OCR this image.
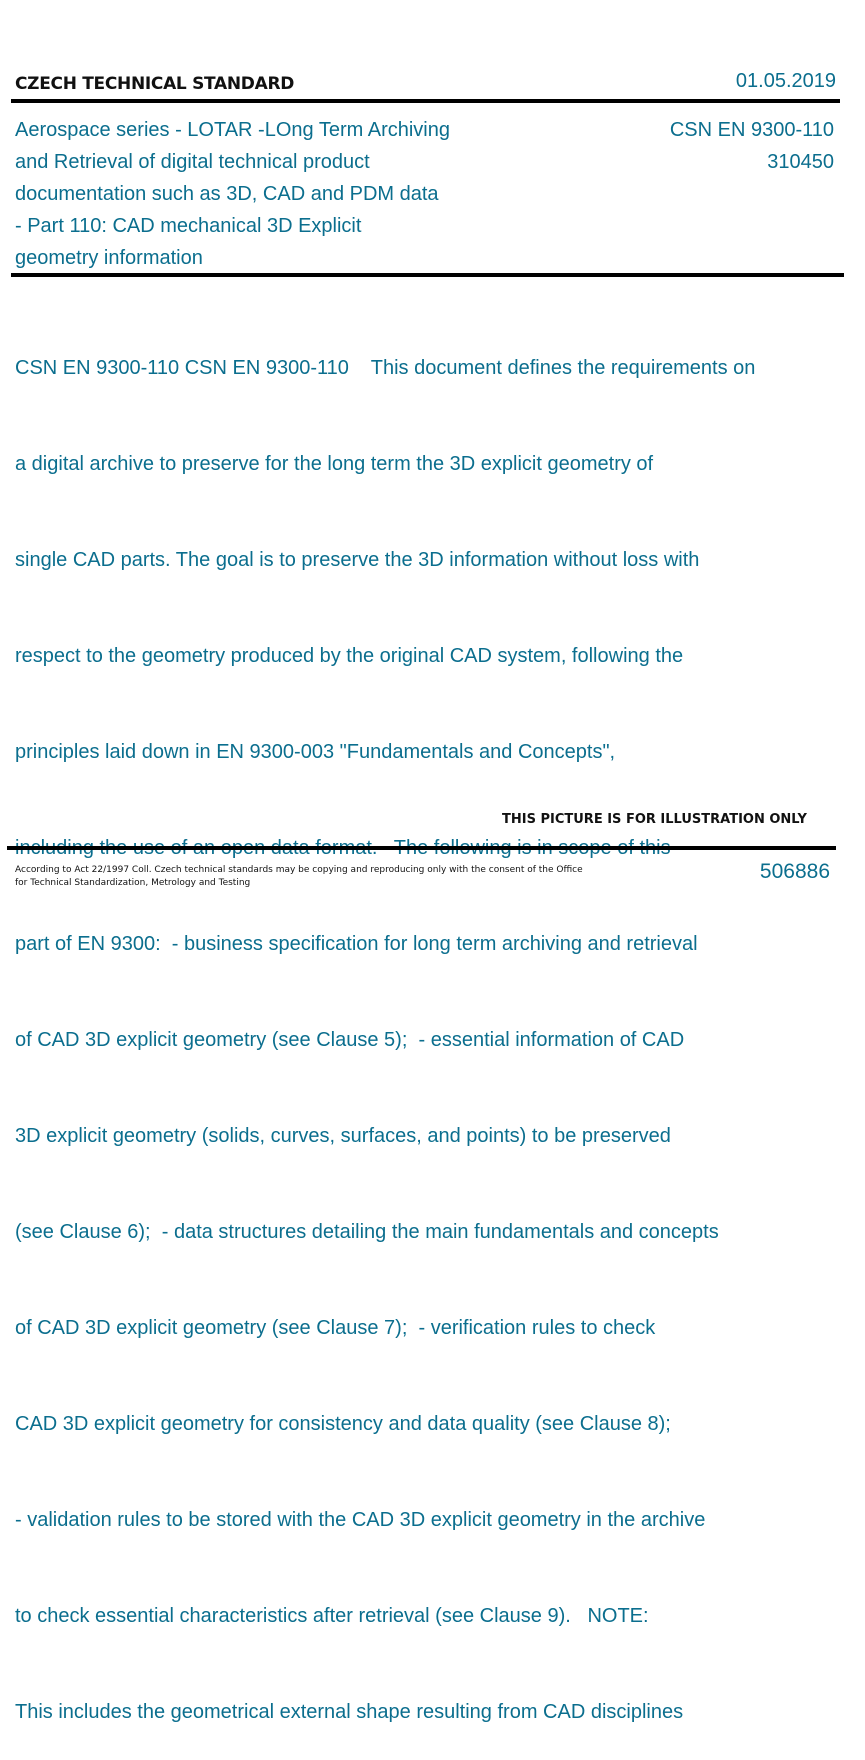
CZECH TECHNICAL STANDARD	01.05.2019
Aerospace series - LOTAR -LOng Term Archiving
and Retrieval of digital technical product
documentation such as 3D, CAD and PDM data
- Part 110: CAD mechanical 3D Explicit
geometry information
CSN EN 9300-110
310450

CSN EN 9300-110 CSN EN 9300-110    This document defines the requirements on

a digital archive to preserve for the long term the 3D explicit geometry of

single CAD parts. The goal is to preserve the 3D information without loss with

respect to the geometry produced by the original CAD system, following the

principles laid down in EN 9300-003 "Fundamentals and Concepts",

part of EN 9300:  - business specification for long term archiving and retrieval

of CAD 3D explicit geometry (see Clause 5);  - essential information of CAD

3D explicit geometry (solids, curves, surfaces, and points) to be preserved

(see Clause 6);  - data structures detailing the main fundamentals and concepts

of CAD 3D explicit geometry (see Clause 7);  - verification rules to check

CAD 3D explicit geometry for consistency and data quality (see Clause 8);

- validation rules to be stored with the CAD 3D explicit geometry in the archive

to check essential characteristics after retrieval (see Clause 9).   NOTE:

This includes the geometrical external shape resulting from CAD disciplines

THIS PICTURE IS FOR ILLUSTRATION ONLY
According to Act 22/1997 Coll. Czech technical standards may be copying and reproducing only with the consent of the Office
for Technical Standardization, Metrology and Testing	506886
